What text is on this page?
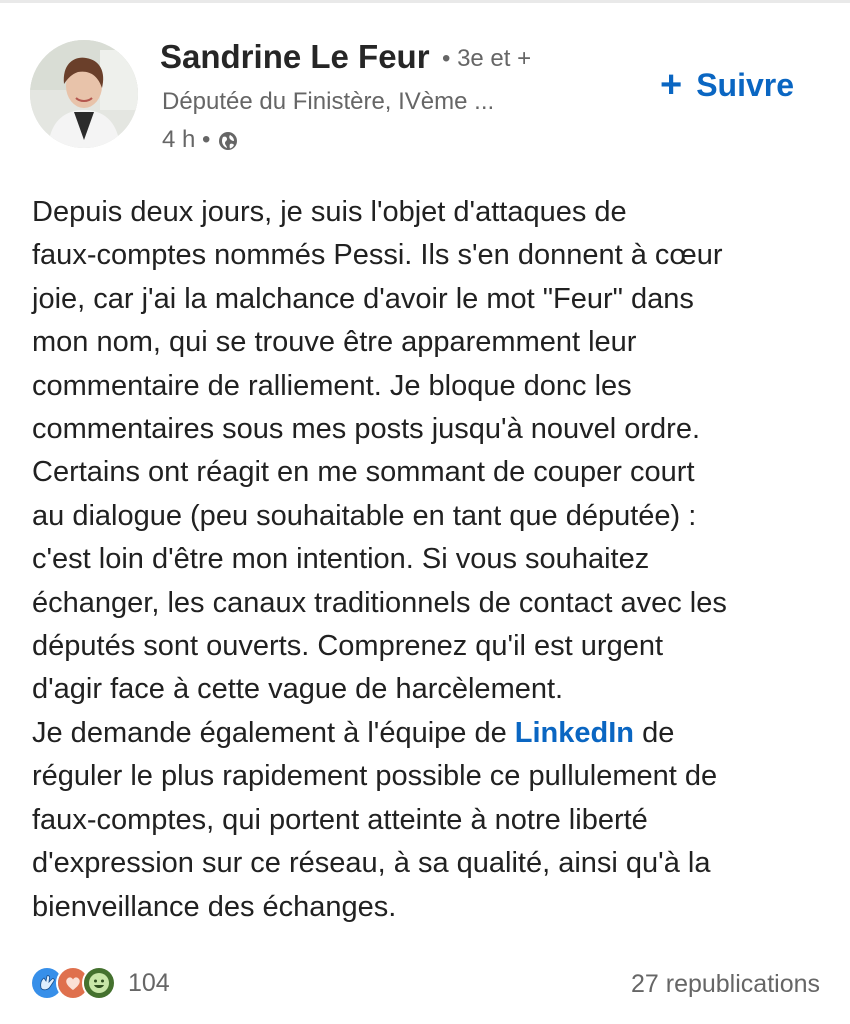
Sandrine Le Feur • 3e et +
Députée du Finistère, IVème ...
4 h •
+ Suivre
Depuis deux jours, je suis l'objet d'attaques de
faux-comptes nommés Pessi. Ils s'en donnent à cœur
joie, car j'ai la malchance d'avoir le mot "Feur" dans
mon nom, qui se trouve être apparemment leur
commentaire de ralliement. Je bloque donc les
commentaires sous mes posts jusqu'à nouvel ordre.
Certains ont réagit en me sommant de couper court
au dialogue (peu souhaitable en tant que députée) :
c'est loin d'être mon intention. Si vous souhaitez
échanger, les canaux traditionnels de contact avec les
députés sont ouverts. Comprenez qu'il est urgent
d'agir face à cette vague de harcèlement.
Je demande également à l'équipe de LinkedIn de
réguler le plus rapidement possible ce pullulement de
faux-comptes, qui portent atteinte à notre liberté
d'expression sur ce réseau, à sa qualité, ainsi qu'à la
bienveillance des échanges.
104	27 republications
